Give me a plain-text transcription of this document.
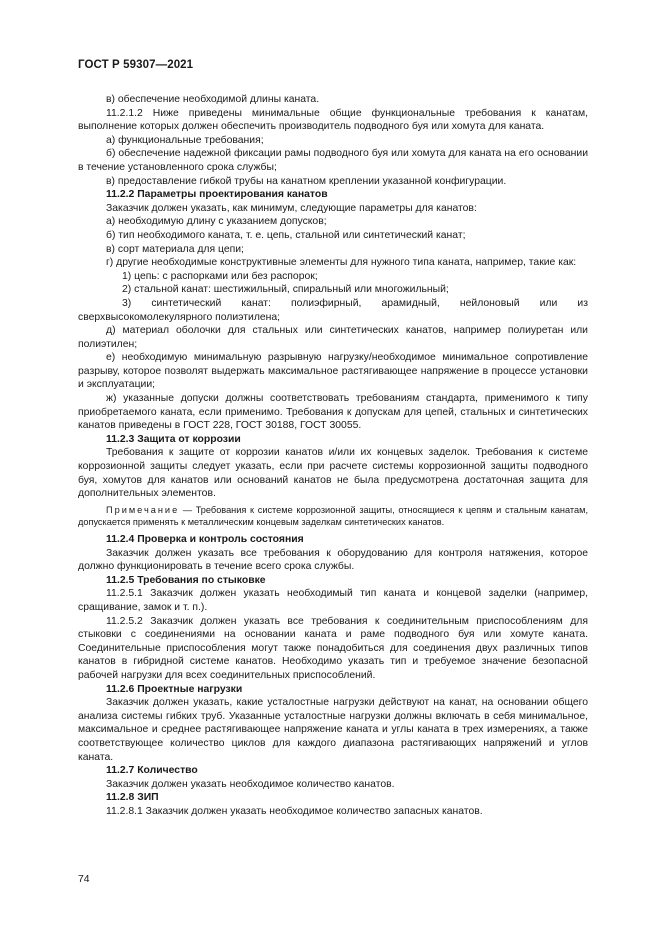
ГОСТ Р 59307—2021

в) обеспечение необходимой длины каната.

11.2.1.2 Ниже приведены минимальные общие функциональные требования к канатам, выполнение которых должен обеспечить производитель подводного буя или хомута для каната.

а) функциональные требования;

б) обеспечение надежной фиксации рамы подводного буя или хомута для каната на его основании в течение установленного срока службы;

в) предоставление гибкой трубы на канатном креплении указанной конфигурации.

11.2.2 Параметры проектирования канатов

Заказчик должен указать, как минимум, следующие параметры для канатов:

а) необходимую длину с указанием допусков;

б) тип необходимого каната, т. е. цепь, стальной или синтетический канат;

в) сорт материала для цепи;

г) другие необходимые конструктивные элементы для нужного типа каната, например, такие как:

1) цепь: с распорками или без распорок;

2) стальной канат: шестижильный, спиральный или многожильный;

3) синтетический канат: полиэфирный, арамидный, нейлоновый или из сверхвысокомолекулярного полиэтилена;

д) материал оболочки для стальных или синтетических канатов, например полиуретан или полиэтилен;

е) необходимую минимальную разрывную нагрузку/необходимое минимальное сопротивление разрыву, которое позволят выдержать максимальное растягивающее напряжение в процессе установки и эксплуатации;

ж) указанные допуски должны соответствовать требованиям стандарта, применимого к типу приобретаемого каната, если применимо. Требования к допускам для цепей, стальных и синтетических канатов приведены в ГОСТ 228, ГОСТ 30188, ГОСТ 30055.

11.2.3 Защита от коррозии

Требования к защите от коррозии канатов и/или их концевых заделок. Требования к системе коррозионной защиты следует указать, если при расчете системы коррозионной защиты подводного буя, хомутов для канатов или оснований канатов не была предусмотрена достаточная защита для дополнительных элементов.

Примечание — Требования к системе коррозионной защиты, относящиеся к цепям и стальным канатам, допускается применять к металлическим концевым заделкам синтетических канатов.

11.2.4 Проверка и контроль состояния

Заказчик должен указать все требования к оборудованию для контроля натяжения, которое должно функционировать в течение всего срока службы.

11.2.5 Требования по стыковке

11.2.5.1 Заказчик должен указать необходимый тип каната и концевой заделки (например, сращивание, замок и т. п.).

11.2.5.2 Заказчик должен указать все требования к соединительным приспособлениям для стыковки с соединениями на основании каната и раме подводного буя или хомуте каната. Соединительные приспособления могут также понадобиться для соединения двух различных типов канатов в гибридной системе канатов. Необходимо указать тип и требуемое значение безопасной рабочей нагрузки для всех соединительных приспособлений.

11.2.6 Проектные нагрузки

Заказчик должен указать, какие усталостные нагрузки действуют на канат, на основании общего анализа системы гибких труб. Указанные усталостные нагрузки должны включать в себя минимальное, максимальное и среднее растягивающее напряжение каната и углы каната в трех измерениях, а также соответствующее количество циклов для каждого диапазона растягивающих напряжений и углов каната.

11.2.7 Количество

Заказчик должен указать необходимое количество канатов.

11.2.8 ЗИП

11.2.8.1 Заказчик должен указать необходимое количество запасных канатов.

74
